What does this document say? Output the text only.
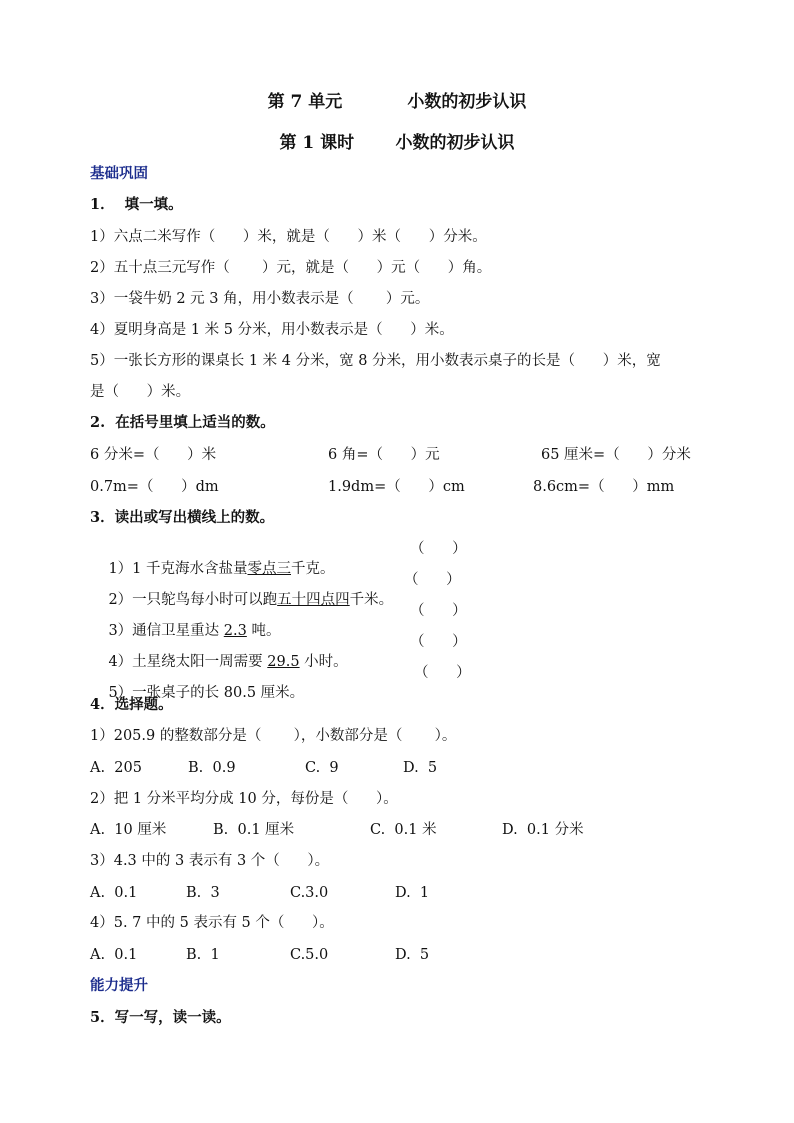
第 7 单元           小数的初步认识
第 1 课时       小数的初步认识
基础巩固
1．  填一填。
1）六点二米写作（      ）米，就是（      ）米（      ）分米。
2）五十点三元写作（       ）元，就是（      ）元（      ）角。
3）一袋牛奶 2 元 3 角，用小数表示是（       ）元。
4）夏明身高是 1 米 5 分米，用小数表示是（      ）米。
5）一张长方形的课桌长 1 米 4 分米，宽 8 分米，用小数表示桌子的长是（      ）米，宽
是（      ）米。
2.  在括号里填上适当的数。
6 分米=（      ）米	6 角=（      ）元	65 厘米=（      ）分米
0.7m=（      ）dm	1.9dm=（      ）cm	8.6cm=（      ）mm
3．读出或写出横线上的数。

1）1 千克海水含盐量零点三千克。

（      ）

2）一只鸵鸟每小时可以跑五十四点四千米。

（      ）

3）通信卫星重达 2.3 吨。

（      ）

4）土星绕太阳一周需要 29.5 小时。

（      ）

5）一张桌子的长 80.5 厘米。

（      ）
4．选择题。
1）205.9 的整数部分是（       ），小数部分是（       ）。
A.  205	B.  0.9	C.  9	D.  5
2）把 1 分米平均分成 10 分，每份是（      ）。
A.  10 厘米	B.  0.1 厘米	C.  0.1 米	D.  0.1 分米
3）4.3 中的 3 表示有 3 个（      ）。
A.  0.1	B.  3	C.3.0	D.  1
4）5. 7 中的 5 表示有 5 个（      ）。
A.  0.1	B.  1	C.5.0	D.  5
能力提升
5．写一写，读一读。
